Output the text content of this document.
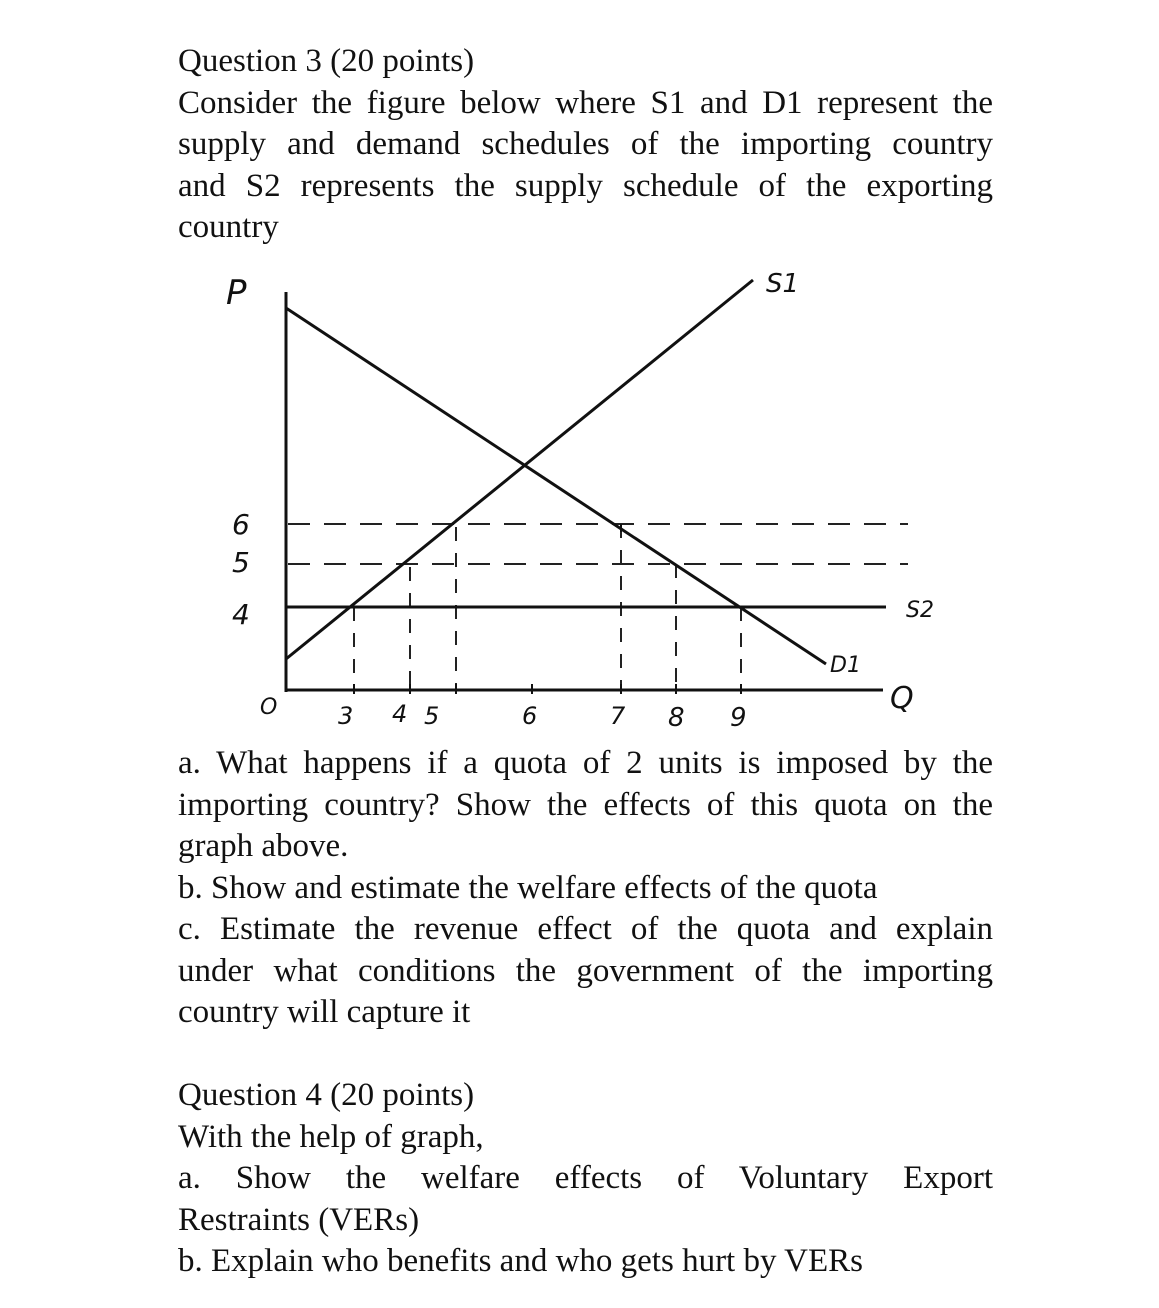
Question 3 (20 points)
Consider the figure below where S1 and D1 represent the
supply and demand schedules of the importing country
and S2 represents the supply schedule of the exporting
country
P
Q
O
6
5
4
3 4 5	6	7 8 9
S1
S2
D1
a. What happens if a quota of 2 units is imposed by the
importing country? Show the effects of this quota on the
graph above.
b. Show and estimate the welfare effects of the quota
c. Estimate the revenue effect of the quota and explain
under what conditions the government of the importing
country will capture it
Question 4 (20 points)
With the help of graph,
a. Show the welfare effects of Voluntary Export
Restraints (VERs)
b. Explain who benefits and who gets hurt by VERs
